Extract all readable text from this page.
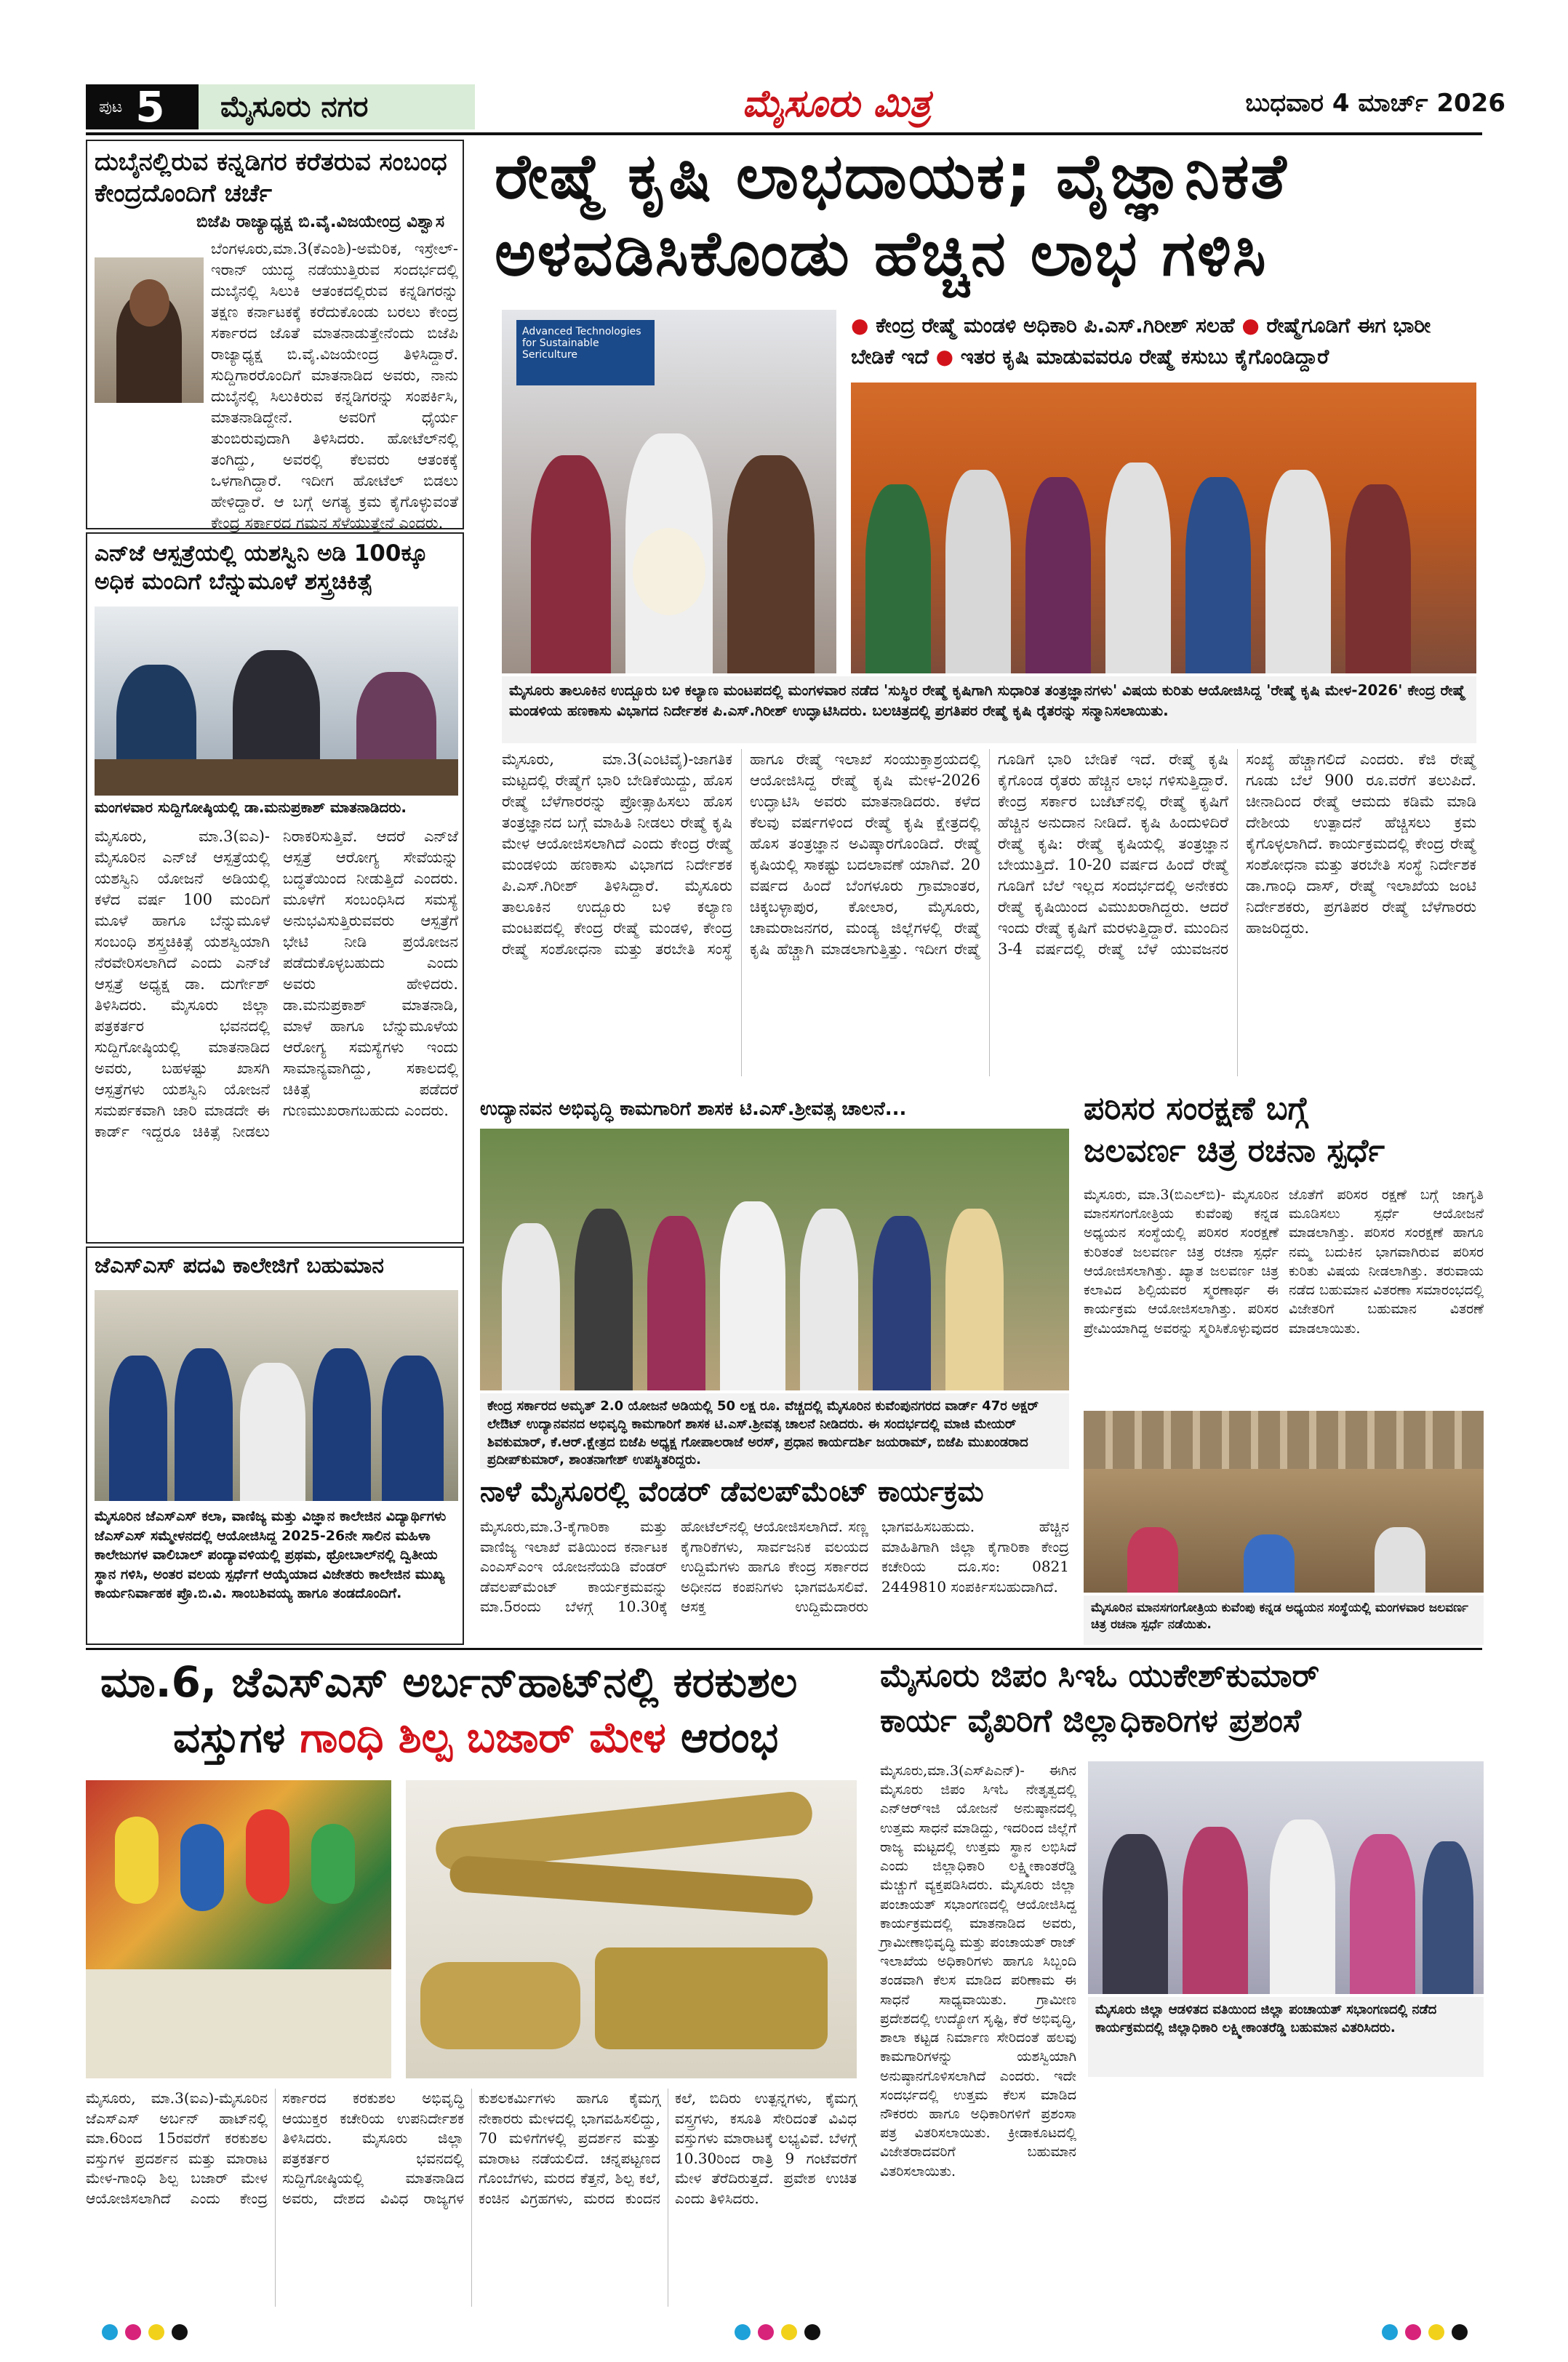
ಪುಟ 5	ಮೈಸೂರು ನಗರ	ಮೈಸೂರು ಮಿತ್ರ	ಬುಧವಾರ 4 ಮಾರ್ಚ್ 2026
ದುಬೈನಲ್ಲಿರುವ ಕನ್ನಡಿಗರ ಕರೆತರುವ ಸಂಬಂಧ ಕೇಂದ್ರದೊಂದಿಗೆ ಚರ್ಚೆ
ಬಿಜೆಪಿ ರಾಜ್ಯಾಧ್ಯಕ್ಷ ಬಿ.ವೈ.ವಿಜಯೇಂದ್ರ ವಿಶ್ವಾಸ
ಬೆಂಗಳೂರು,ಮಾ.3(ಕೆಎಂಶಿ)-ಅಮೆರಿಕ, ಇಸ್ರೇಲ್-ಇರಾನ್ ಯುದ್ಧ ನಡೆಯುತ್ತಿರುವ ಸಂದರ್ಭದಲ್ಲಿ ದುಬೈನಲ್ಲಿ ಸಿಲುಕಿ ಆತಂಕದಲ್ಲಿರುವ ಕನ್ನಡಿಗರನ್ನು ತಕ್ಷಣ ಕರ್ನಾಟಕಕ್ಕೆ ಕರೆದುಕೊಂಡು ಬರಲು ಕೇಂದ್ರ ಸರ್ಕಾರದ ಜೊತೆ ಮಾತನಾಡುತ್ತೇನೆಂದು ಬಿಜೆಪಿ ರಾಜ್ಯಾಧ್ಯಕ್ಷ ಬಿ.ವೈ.ವಿಜಯೇಂದ್ರ ತಿಳಿಸಿದ್ದಾರೆ. ಸುದ್ದಿಗಾರರೊಂದಿಗೆ ಮಾತನಾಡಿದ ಅವರು, ನಾನು ದುಬೈನಲ್ಲಿ ಸಿಲುಕಿರುವ ಕನ್ನಡಿಗರನ್ನು ಸಂಪರ್ಕಿಸಿ, ಮಾತನಾಡಿದ್ದೇನೆ. ಅವರಿಗೆ ಧೈರ್ಯ ತುಂಬಿರುವುದಾಗಿ ತಿಳಿಸಿದರು. ಹೋಟೆಲ್‌ನಲ್ಲಿ ತಂಗಿದ್ದು, ಅವರಲ್ಲಿ ಕೆಲವರು ಆತಂಕಕ್ಕೆ ಒಳಗಾಗಿದ್ದಾರೆ. ಇದೀಗ ಹೋಟೆಲ್ ಬಿಡಲು ಹೇಳಿದ್ದಾರೆ. ಆ ಬಗ್ಗೆ ಅಗತ್ಯ ಕ್ರಮ ಕೈಗೊಳ್ಳುವಂತೆ ಕೇಂದ್ರ ಸರ್ಕಾರದ ಗಮನ ಸೆಳೆಯುತ್ತೇನೆ ಎಂದರು.
ಎನ್‌ಜೆ ಆಸ್ಪತ್ರೆಯಲ್ಲಿ ಯಶಸ್ವಿನಿ ಅಡಿ 100ಕ್ಕೂ ಅಧಿಕ ಮಂದಿಗೆ ಬೆನ್ನುಮೂಳೆ ಶಸ್ತ್ರಚಿಕಿತ್ಸೆ
ಮಂಗಳವಾರ ಸುದ್ದಿಗೋಷ್ಠಿಯಲ್ಲಿ ಡಾ.ಮನುಪ್ರಕಾಶ್ ಮಾತನಾಡಿದರು.
ಮೈಸೂರು, ಮಾ.3(ಐಎ)-ಮೈಸೂರಿನ ಎನ್‌ಜೆ ಆಸ್ಪತ್ರೆಯಲ್ಲಿ ಯಶಸ್ವಿನಿ ಯೋಜನೆ ಅಡಿಯಲ್ಲಿ ಕಳೆದ ವರ್ಷ 100 ಮಂದಿಗೆ ಮೂಳೆ ಹಾಗೂ ಬೆನ್ನುಮೂಳೆ ಸಂಬಂಧಿ ಶಸ್ತ್ರಚಿಕಿತ್ಸೆ ಯಶಸ್ವಿಯಾಗಿ ನೆರವೇರಿಸಲಾಗಿದೆ ಎಂದು ಎನ್‌ಜೆ ಆಸ್ಪತ್ರೆ ಅಧ್ಯಕ್ಷ ಡಾ. ದುರ್ಗೇಶ್ ತಿಳಿಸಿದರು. ಮೈಸೂರು ಜಿಲ್ಲಾ ಪತ್ರಕರ್ತರ ಭವನದಲ್ಲಿ ಸುದ್ದಿಗೋಷ್ಠಿಯಲ್ಲಿ ಮಾತನಾಡಿದ ಅವರು, ಬಹಳಷ್ಟು ಖಾಸಗಿ ಆಸ್ಪತ್ರೆಗಳು ಯಶಸ್ವಿನಿ ಯೋಜನೆ ಸಮರ್ಪಕವಾಗಿ ಜಾರಿ ಮಾಡದೇ ಈ ಕಾರ್ಡ್ ಇದ್ದರೂ ಚಿಕಿತ್ಸೆ ನೀಡಲು ನಿರಾಕರಿಸುತ್ತಿವೆ. ಆದರೆ ಎನ್‌ಜೆ ಆಸ್ಪತ್ರೆ ಆರೋಗ್ಯ ಸೇವೆಯನ್ನು ಬದ್ಧತೆಯಿಂದ ನೀಡುತ್ತಿದೆ ಎಂದರು. ಮೂಳೆಗೆ ಸಂಬಂಧಿಸಿದ ಸಮಸ್ಯೆ ಅನುಭವಿಸುತ್ತಿರುವವರು ಆಸ್ಪತ್ರೆಗೆ ಭೇಟಿ ನೀಡಿ ಪ್ರಯೋಜನ ಪಡೆದುಕೊಳ್ಳಬಹುದು ಎಂದು ಅವರು ಹೇಳಿದರು. ಡಾ.ಮನುಪ್ರಕಾಶ್ ಮಾತನಾಡಿ, ಮಾಳೆ ಹಾಗೂ ಬೆನ್ನುಮೂಳೆಯ ಆರೋಗ್ಯ ಸಮಸ್ಯೆಗಳು ಇಂದು ಸಾಮಾನ್ಯವಾಗಿದ್ದು, ಸಕಾಲದಲ್ಲಿ ಚಿಕಿತ್ಸೆ ಪಡೆದರೆ ಗುಣಮುಖರಾಗಬಹುದು ಎಂದರು.
ಜೆಎಸ್‌ಎಸ್ ಪದವಿ ಕಾಲೇಜಿಗೆ ಬಹುಮಾನ
ಮೈಸೂರಿನ ಜೆಎಸ್‌ಎಸ್ ಕಲಾ, ವಾಣಿಜ್ಯ ಮತ್ತು ವಿಜ್ಞಾನ ಕಾಲೇಜಿನ ವಿದ್ಯಾರ್ಥಿಗಳು ಜೆಎಸ್‌ಎಸ್ ಸಮ್ಮೇಳನದಲ್ಲಿ ಆಯೋಜಿಸಿದ್ದ 2025-26ನೇ ಸಾಲಿನ ಮಹಿಳಾ ಕಾಲೇಜುಗಳ ವಾಲಿಬಾಲ್ ಪಂದ್ಯಾವಳಿಯಲ್ಲಿ ಪ್ರಥಮ, ಥ್ರೋಬಾಲ್‌ನಲ್ಲಿ ದ್ವಿತೀಯ ಸ್ಥಾನ ಗಳಿಸಿ, ಅಂತರ ವಲಯ ಸ್ಪರ್ಧೆಗೆ ಆಯ್ಕೆಯಾದ ವಿಜೇತರು ಕಾಲೇಜಿನ ಮುಖ್ಯ ಕಾರ್ಯನಿರ್ವಾಹಕ ಪ್ರೊ.ಬಿ.ವಿ. ಸಾಂಬಶಿವಯ್ಯ ಹಾಗೂ ತಂಡದೊಂದಿಗೆ.
ರೇಷ್ಮೆ ಕೃಷಿ ಲಾಭದಾಯಕ; ವೈಜ್ಞಾನಿಕತೆ
ಅಳವಡಿಸಿಕೊಂಡು ಹೆಚ್ಚಿನ ಲಾಭ ಗಳಿಸಿ
Advanced Technologies for Sustainable Sericulture
● ಕೇಂದ್ರ ರೇಷ್ಮೆ ಮಂಡಳಿ ಅಧಿಕಾರಿ ಪಿ.ಎಸ್.ಗಿರೀಶ್ ಸಲಹೆ ● ರೇಷ್ಮೆಗೂಡಿಗೆ ಈಗ ಭಾರೀ ಬೇಡಿಕೆ ಇದೆ ● ಇತರ ಕೃಷಿ ಮಾಡುವವರೂ ರೇಷ್ಮೆ ಕಸುಬು ಕೈಗೊಂಡಿದ್ದಾರೆ
ಮೈಸೂರು ತಾಲೂಕಿನ ಉದ್ಬೂರು ಬಳಿ ಕಲ್ಯಾಣ ಮಂಟಪದಲ್ಲಿ ಮಂಗಳವಾರ ನಡೆದ 'ಸುಸ್ಥಿರ ರೇಷ್ಮೆ ಕೃಷಿಗಾಗಿ ಸುಧಾರಿತ ತಂತ್ರಜ್ಞಾನಗಳು' ವಿಷಯ ಕುರಿತು ಆಯೋಜಿಸಿದ್ದ 'ರೇಷ್ಮೆ ಕೃಷಿ ಮೇಳ-2026' ಕೇಂದ್ರ ರೇಷ್ಮೆ ಮಂಡಳಿಯ ಹಣಕಾಸು ವಿಭಾಗದ ನಿರ್ದೇಶಕ ಪಿ.ಎಸ್.ಗಿರೀಶ್ ಉದ್ಘಾಟಿಸಿದರು. ಬಲಚಿತ್ರದಲ್ಲಿ ಪ್ರಗತಿಪರ ರೇಷ್ಮೆ ಕೃಷಿ ರೈತರನ್ನು ಸನ್ಮಾನಿಸಲಾಯಿತು.
ಮೈಸೂರು, ಮಾ.3(ಎಂಟಿವೈ)-ಜಾಗತಿಕ ಮಟ್ಟದಲ್ಲಿ ರೇಷ್ಮೆಗೆ ಭಾರಿ ಬೇಡಿಕೆಯಿದ್ದು, ಹೊಸ ರೇಷ್ಮೆ ಬೆಳೆಗಾರರನ್ನು ಪ್ರೋತ್ಸಾಹಿಸಲು ಹೊಸ ತಂತ್ರಜ್ಞಾನದ ಬಗ್ಗೆ ಮಾಹಿತಿ ನೀಡಲು ರೇಷ್ಮೆ ಕೃಷಿ ಮೇಳ ಆಯೋಜಿಸಲಾಗಿದೆ ಎಂದು ಕೇಂದ್ರ ರೇಷ್ಮೆ ಮಂಡಳಿಯ ಹಣಕಾಸು ವಿಭಾಗದ ನಿರ್ದೇಶಕ ಪಿ.ಎಸ್.ಗಿರೀಶ್ ತಿಳಿಸಿದ್ದಾರೆ. ಮೈಸೂರು ತಾಲೂಕಿನ ಉದ್ಬೂರು ಬಳಿ ಕಲ್ಯಾಣ ಮಂಟಪದಲ್ಲಿ ಕೇಂದ್ರ ರೇಷ್ಮೆ ಮಂಡಳಿ, ಕೇಂದ್ರ ರೇಷ್ಮೆ ಸಂಶೋಧನಾ ಮತ್ತು ತರಬೇತಿ ಸಂಸ್ಥೆ ಹಾಗೂ ರೇಷ್ಮೆ ಇಲಾಖೆ ಸಂಯುಕ್ತಾಶ್ರಯದಲ್ಲಿ ಆಯೋಜಿಸಿದ್ದ ರೇಷ್ಮೆ ಕೃಷಿ ಮೇಳ-2026 ಉದ್ಘಾಟಿಸಿ ಅವರು ಮಾತನಾಡಿದರು. ಕಳೆದ ಕೆಲವು ವರ್ಷಗಳಿಂದ ರೇಷ್ಮೆ ಕೃಷಿ ಕ್ಷೇತ್ರದಲ್ಲಿ ಹೊಸ ತಂತ್ರಜ್ಞಾನ ಅವಿಷ್ಕಾರಗೊಂಡಿದೆ. ರೇಷ್ಮೆ ಕೃಷಿಯಲ್ಲಿ ಸಾಕಷ್ಟು ಬದಲಾವಣೆ ಯಾಗಿವೆ. 20 ವರ್ಷದ ಹಿಂದೆ ಬೆಂಗಳೂರು ಗ್ರಾಮಾಂತರ, ಚಿಕ್ಕಬಳ್ಳಾಪುರ, ಕೋಲಾರ, ಮೈಸೂರು, ಚಾಮರಾಜನಗರ, ಮಂಡ್ಯ ಜಿಲ್ಲೆಗಳಲ್ಲಿ ರೇಷ್ಮೆ ಕೃಷಿ ಹೆಚ್ಚಾಗಿ ಮಾಡಲಾಗುತ್ತಿತ್ತು. ಇದೀಗ ರೇಷ್ಮೆ ಗೂಡಿಗೆ ಭಾರಿ ಬೇಡಿಕೆ ಇದೆ. ರೇಷ್ಮೆ ಕೃಷಿ ಕೈಗೊಂಡ ರೈತರು ಹೆಚ್ಚಿನ ಲಾಭ ಗಳಿಸುತ್ತಿದ್ದಾರೆ. ಕೇಂದ್ರ ಸರ್ಕಾರ ಬಜೆಟ್‌ನಲ್ಲಿ ರೇಷ್ಮೆ ಕೃಷಿಗೆ ಹೆಚ್ಚಿನ ಅನುದಾನ ನೀಡಿದೆ. ಕೃಷಿ ಹಿಂದುಳಿದಿರೆ ರೇಷ್ಮೆ ಕೃಷಿ: ರೇಷ್ಮೆ ಕೃಷಿಯಲ್ಲಿ ತಂತ್ರಜ್ಞಾನ ಬೇಯುತ್ತಿದೆ. 10-20 ವರ್ಷದ ಹಿಂದೆ ರೇಷ್ಮೆ ಗೂಡಿಗೆ ಬೆಲೆ ಇಲ್ಲದ ಸಂದರ್ಭದಲ್ಲಿ ಅನೇಕರು ರೇಷ್ಮೆ ಕೃಷಿಯಿಂದ ವಿಮುಖರಾಗಿದ್ದರು. ಆದರೆ ಇಂದು ರೇಷ್ಮೆ ಕೃಷಿಗೆ ಮರಳುತ್ತಿದ್ದಾರೆ. ಮುಂದಿನ 3-4 ವರ್ಷದಲ್ಲಿ ರೇಷ್ಮೆ ಬೆಳೆ ಯುವಜನರ ಸಂಖ್ಯೆ ಹೆಚ್ಚಾಗಲಿದೆ ಎಂದರು. ಕೆಜಿ ರೇಷ್ಮೆ ಗೂಡು ಬೆಲೆ 900 ರೂ.ವರೆಗೆ ತಲುಪಿದೆ. ಚೀನಾದಿಂದ ರೇಷ್ಮೆ ಆಮದು ಕಡಿಮೆ ಮಾಡಿ ದೇಶೀಯ ಉತ್ಪಾದನೆ ಹೆಚ್ಚಿಸಲು ಕ್ರಮ ಕೈಗೊಳ್ಳಲಾಗಿದೆ. ಕಾರ್ಯಕ್ರಮದಲ್ಲಿ ಕೇಂದ್ರ ರೇಷ್ಮೆ ಸಂಶೋಧನಾ ಮತ್ತು ತರಬೇತಿ ಸಂಸ್ಥೆ ನಿರ್ದೇಶಕ ಡಾ.ಗಾಂಧಿ ದಾಸ್, ರೇಷ್ಮೆ ಇಲಾಖೆಯ ಜಂಟಿ ನಿರ್ದೇಶಕರು, ಪ್ರಗತಿಪರ ರೇಷ್ಮೆ ಬೆಳೆಗಾರರು ಹಾಜರಿದ್ದರು.
ಉದ್ಯಾನವನ ಅಭಿವೃದ್ಧಿ ಕಾಮಗಾರಿಗೆ ಶಾಸಕ ಟಿ.ಎಸ್.ಶ್ರೀವತ್ಸ ಚಾಲನೆ...
ಕೇಂದ್ರ ಸರ್ಕಾರದ ಅಮೃತ್ 2.0 ಯೋಜನೆ ಅಡಿಯಲ್ಲಿ 50 ಲಕ್ಷ ರೂ. ವೆಚ್ಚದಲ್ಲಿ ಮೈಸೂರಿನ ಕುವೆಂಪುನಗರದ ವಾರ್ಡ್ 47ರ ಅಕ್ಷರ್ ಲೇಔಟ್ ಉದ್ಯಾನವನದ ಅಭಿವೃದ್ಧಿ ಕಾಮಗಾರಿಗೆ ಶಾಸಕ ಟಿ.ಎಸ್.ಶ್ರೀವತ್ಸ ಚಾಲನೆ ನೀಡಿದರು. ಈ ಸಂದರ್ಭದಲ್ಲಿ ಮಾಜಿ ಮೇಯರ್ ಶಿವಕುಮಾರ್, ಕೆ.ಆರ್.ಕ್ಷೇತ್ರದ ಬಿಜೆಪಿ ಅಧ್ಯಕ್ಷ ಗೋಪಾಲರಾಜೆ ಅರಸ್, ಪ್ರಧಾನ ಕಾರ್ಯದರ್ಶಿ ಜಯರಾಮ್, ಬಿಜೆಪಿ ಮುಖಂಡರಾದ ಪ್ರದೀಪ್‌ಕುಮಾರ್, ಶಾಂತನಾಗೇಶ್ ಉಪಸ್ಥಿತರಿದ್ದರು.
ನಾಳೆ ಮೈಸೂರಲ್ಲಿ ವೆಂಡರ್ ಡೆವಲಪ್‌ಮೆಂಟ್ ಕಾರ್ಯಕ್ರಮ
ಮೈಸೂರು,ಮಾ.3-ಕೈಗಾರಿಕಾ ಮತ್ತು ವಾಣಿಜ್ಯ ಇಲಾಖೆ ವತಿಯಿಂದ ಕರ್ನಾಟಕ ಎಂಎಸ್‌ಎಂಇ ಯೋಜನೆಯಡಿ ವೆಂಡರ್ ಡೆವಲಪ್‌ಮೆಂಟ್ ಕಾರ್ಯಕ್ರಮವನ್ನು ಮಾ.5ರಂದು ಬೆಳಗ್ಗೆ 10.30ಕ್ಕೆ ಹೋಟೆಲ್‌ನಲ್ಲಿ ಆಯೋಜಿಸಲಾಗಿದೆ. ಸಣ್ಣ ಕೈಗಾರಿಕೆಗಳು, ಸಾರ್ವಜನಿಕ ವಲಯದ ಉದ್ದಿಮೆಗಳು ಹಾಗೂ ಕೇಂದ್ರ ಸರ್ಕಾರದ ಅಧೀನದ ಕಂಪನಿಗಳು ಭಾಗವಹಿಸಲಿವೆ. ಆಸಕ್ತ ಉದ್ದಿಮೆದಾರರು ಭಾಗವಹಿಸಬಹುದು. ಹೆಚ್ಚಿನ ಮಾಹಿತಿಗಾಗಿ ಜಿಲ್ಲಾ ಕೈಗಾರಿಕಾ ಕೇಂದ್ರ ಕಚೇರಿಯ ದೂ.ಸಂ: 0821 2449810 ಸಂಪರ್ಕಿಸಬಹುದಾಗಿದೆ.
ಪರಿಸರ ಸಂರಕ್ಷಣೆ ಬಗ್ಗೆ
ಜಲವರ್ಣ ಚಿತ್ರ ರಚನಾ ಸ್ಪರ್ಧೆ
ಮೈಸೂರು, ಮಾ.3(ಬಿಎಲ್‌ಬಿ)- ಮೈಸೂರಿನ ಮಾನಸಗಂಗೋತ್ರಿಯ ಕುವೆಂಪು ಕನ್ನಡ ಅಧ್ಯಯನ ಸಂಸ್ಥೆಯಲ್ಲಿ ಪರಿಸರ ಸಂರಕ್ಷಣೆ ಕುರಿತಂತೆ ಜಲವರ್ಣ ಚಿತ್ರ ರಚನಾ ಸ್ಪರ್ಧೆ ಆಯೋಜಿಸಲಾಗಿತ್ತು. ಖ್ಯಾತ ಜಲವರ್ಣ ಚಿತ್ರ ಕಲಾವಿದ ಶಿಲ್ಪಿಯವರ ಸ್ಮರಣಾರ್ಥ ಈ ಕಾರ್ಯಕ್ರಮ ಆಯೋಜಿಸಲಾಗಿತ್ತು. ಪರಿಸರ ಪ್ರೇಮಿಯಾಗಿದ್ದ ಅವರನ್ನು ಸ್ಮರಿಸಿಕೊಳ್ಳುವುದರ ಜೊತೆಗೆ ಪರಿಸರ ರಕ್ಷಣೆ ಬಗ್ಗೆ ಜಾಗೃತಿ ಮೂಡಿಸಲು ಸ್ಪರ್ಧೆ ಆಯೋಜನೆ ಮಾಡಲಾಗಿತ್ತು. ಪರಿಸರ ಸಂರಕ್ಷಣೆ ಹಾಗೂ ನಮ್ಮ ಬದುಕಿನ ಭಾಗವಾಗಿರುವ ಪರಿಸರ ಕುರಿತು ವಿಷಯ ನೀಡಲಾಗಿತ್ತು. ತರುವಾಯ ನಡೆದ ಬಹುಮಾನ ವಿತರಣಾ ಸಮಾರಂಭದಲ್ಲಿ ವಿಜೇತರಿಗೆ ಬಹುಮಾನ ವಿತರಣೆ ಮಾಡಲಾಯಿತು.
ಮೈಸೂರಿನ ಮಾನಸಗಂಗೋತ್ರಿಯ ಕುವೆಂಪು ಕನ್ನಡ ಅಧ್ಯಯನ ಸಂಸ್ಥೆಯಲ್ಲಿ ಮಂಗಳವಾರ ಜಲವರ್ಣ ಚಿತ್ರ ರಚನಾ ಸ್ಪರ್ಧೆ ನಡೆಯಿತು.
ಮಾ.6, ಜೆಎಸ್‌ಎಸ್ ಅರ್ಬನ್‌ಹಾಟ್‌ನಲ್ಲಿ ಕರಕುಶಲ
ವಸ್ತುಗಳ ಗಾಂಧಿ ಶಿಲ್ಪ ಬಜಾರ್ ಮೇಳ ಆರಂಭ
ಮೈಸೂರು, ಮಾ.3(ಐಎ)-ಮೈಸೂರಿನ ಜೆಎಸ್‌ಎಸ್ ಅರ್ಬನ್ ಹಾಟ್‌ನಲ್ಲಿ ಮಾ.6ರಿಂದ 15ರವರೆಗೆ ಕರಕುಶಲ ವಸ್ತುಗಳ ಪ್ರದರ್ಶನ ಮತ್ತು ಮಾರಾಟ ಮೇಳ-ಗಾಂಧಿ ಶಿಲ್ಪ ಬಜಾರ್ ಮೇಳ ಆಯೋಜಿಸಲಾಗಿದೆ ಎಂದು ಕೇಂದ್ರ ಸರ್ಕಾರದ ಕರಕುಶಲ ಅಭಿವೃದ್ಧಿ ಆಯುಕ್ತರ ಕಚೇರಿಯ ಉಪನಿರ್ದೇಶಕ ತಿಳಿಸಿದರು. ಮೈಸೂರು ಜಿಲ್ಲಾ ಪತ್ರಕರ್ತರ ಭವನದಲ್ಲಿ ಸುದ್ದಿಗೋಷ್ಠಿಯಲ್ಲಿ ಮಾತನಾಡಿದ ಅವರು, ದೇಶದ ವಿವಿಧ ರಾಜ್ಯಗಳ ಕುಶಲಕರ್ಮಿಗಳು ಹಾಗೂ ಕೈಮಗ್ಗ ನೇಕಾರರು ಮೇಳದಲ್ಲಿ ಭಾಗವಹಿಸಲಿದ್ದು, 70 ಮಳಿಗೆಗಳಲ್ಲಿ ಪ್ರದರ್ಶನ ಮತ್ತು ಮಾರಾಟ ನಡೆಯಲಿದೆ. ಚನ್ನಪಟ್ಟಣದ ಗೊಂಬೆಗಳು, ಮರದ ಕೆತ್ತನೆ, ಶಿಲ್ಪ ಕಲೆ, ಕಂಚಿನ ವಿಗ್ರಹಗಳು, ಮರದ ಕುಂದನ ಕಲೆ, ಬಿದಿರು ಉತ್ಪನ್ನಗಳು, ಕೈಮಗ್ಗ ವಸ್ತ್ರಗಳು, ಕಸೂತಿ ಸೇರಿದಂತೆ ವಿವಿಧ ವಸ್ತುಗಳು ಮಾರಾಟಕ್ಕೆ ಲಭ್ಯವಿವೆ. ಬೆಳಗ್ಗೆ 10.30ರಿಂದ ರಾತ್ರಿ 9 ಗಂಟೆವರೆಗೆ ಮೇಳ ತೆರೆದಿರುತ್ತದೆ. ಪ್ರವೇಶ ಉಚಿತ ಎಂದು ತಿಳಿಸಿದರು.
ಮೈಸೂರು ಜಿಪಂ ಸಿಇಓ ಯುಕೇಶ್‌ಕುಮಾರ್
ಕಾರ್ಯ ವೈಖರಿಗೆ ಜಿಲ್ಲಾಧಿಕಾರಿಗಳ ಪ್ರಶಂಸೆ
ಮೈಸೂರು,ಮಾ.3(ಎಸ್‌ಪಿಎನ್)- ಈಗಿನ ಮೈಸೂರು ಜಿಪಂ ಸಿಇಓ ನೇತೃತ್ವದಲ್ಲಿ ಎನ್‌ಆರ್‌ಇಜಿ ಯೋಜನೆ ಅನುಷ್ಠಾನದಲ್ಲಿ ಉತ್ತಮ ಸಾಧನೆ ಮಾಡಿದ್ದು, ಇದರಿಂದ ಜಿಲ್ಲೆಗೆ ರಾಜ್ಯ ಮಟ್ಟದಲ್ಲಿ ಉತ್ತಮ ಸ್ಥಾನ ಲಭಿಸಿದೆ ಎಂದು ಜಿಲ್ಲಾಧಿಕಾರಿ ಲಕ್ಷ್ಮೀಕಾಂತರೆಡ್ಡಿ ಮೆಚ್ಚುಗೆ ವ್ಯಕ್ತಪಡಿಸಿದರು. ಮೈಸೂರು ಜಿಲ್ಲಾ ಪಂಚಾಯತ್ ಸಭಾಂಗಣದಲ್ಲಿ ಆಯೋಜಿಸಿದ್ದ ಕಾರ್ಯಕ್ರಮದಲ್ಲಿ ಮಾತನಾಡಿದ ಅವರು, ಗ್ರಾಮೀಣಾಭಿವೃದ್ಧಿ ಮತ್ತು ಪಂಚಾಯತ್ ರಾಜ್ ಇಲಾಖೆಯ ಅಧಿಕಾರಿಗಳು ಹಾಗೂ ಸಿಬ್ಬಂದಿ ತಂಡವಾಗಿ ಕೆಲಸ ಮಾಡಿದ ಪರಿಣಾಮ ಈ ಸಾಧನೆ ಸಾಧ್ಯವಾಯಿತು. ಗ್ರಾಮೀಣ ಪ್ರದೇಶದಲ್ಲಿ ಉದ್ಯೋಗ ಸೃಷ್ಟಿ, ಕೆರೆ ಅಭಿವೃದ್ಧಿ, ಶಾಲಾ ಕಟ್ಟಡ ನಿರ್ಮಾಣ ಸೇರಿದಂತೆ ಹಲವು ಕಾಮಗಾರಿಗಳನ್ನು ಯಶಸ್ವಿಯಾಗಿ ಅನುಷ್ಠಾನಗೊಳಿಸಲಾಗಿದೆ ಎಂದರು. ಇದೇ ಸಂದರ್ಭದಲ್ಲಿ ಉತ್ತಮ ಕೆಲಸ ಮಾಡಿದ ನೌಕರರು ಹಾಗೂ ಅಧಿಕಾರಿಗಳಿಗೆ ಪ್ರಶಂಸಾ ಪತ್ರ ವಿತರಿಸಲಾಯಿತು. ಕ್ರೀಡಾಕೂಟದಲ್ಲಿ ವಿಜೇತರಾದವರಿಗೆ ಬಹುಮಾನ ವಿತರಿಸಲಾಯಿತು.
ಮೈಸೂರು ಜಿಲ್ಲಾ ಆಡಳಿತದ ವತಿಯಿಂದ ಜಿಲ್ಲಾ ಪಂಚಾಯತ್ ಸಭಾಂಗಣದಲ್ಲಿ ನಡೆದ ಕಾರ್ಯಕ್ರಮದಲ್ಲಿ ಜಿಲ್ಲಾಧಿಕಾರಿ ಲಕ್ಷ್ಮೀಕಾಂತರೆಡ್ಡಿ ಬಹುಮಾನ ವಿತರಿಸಿದರು.
